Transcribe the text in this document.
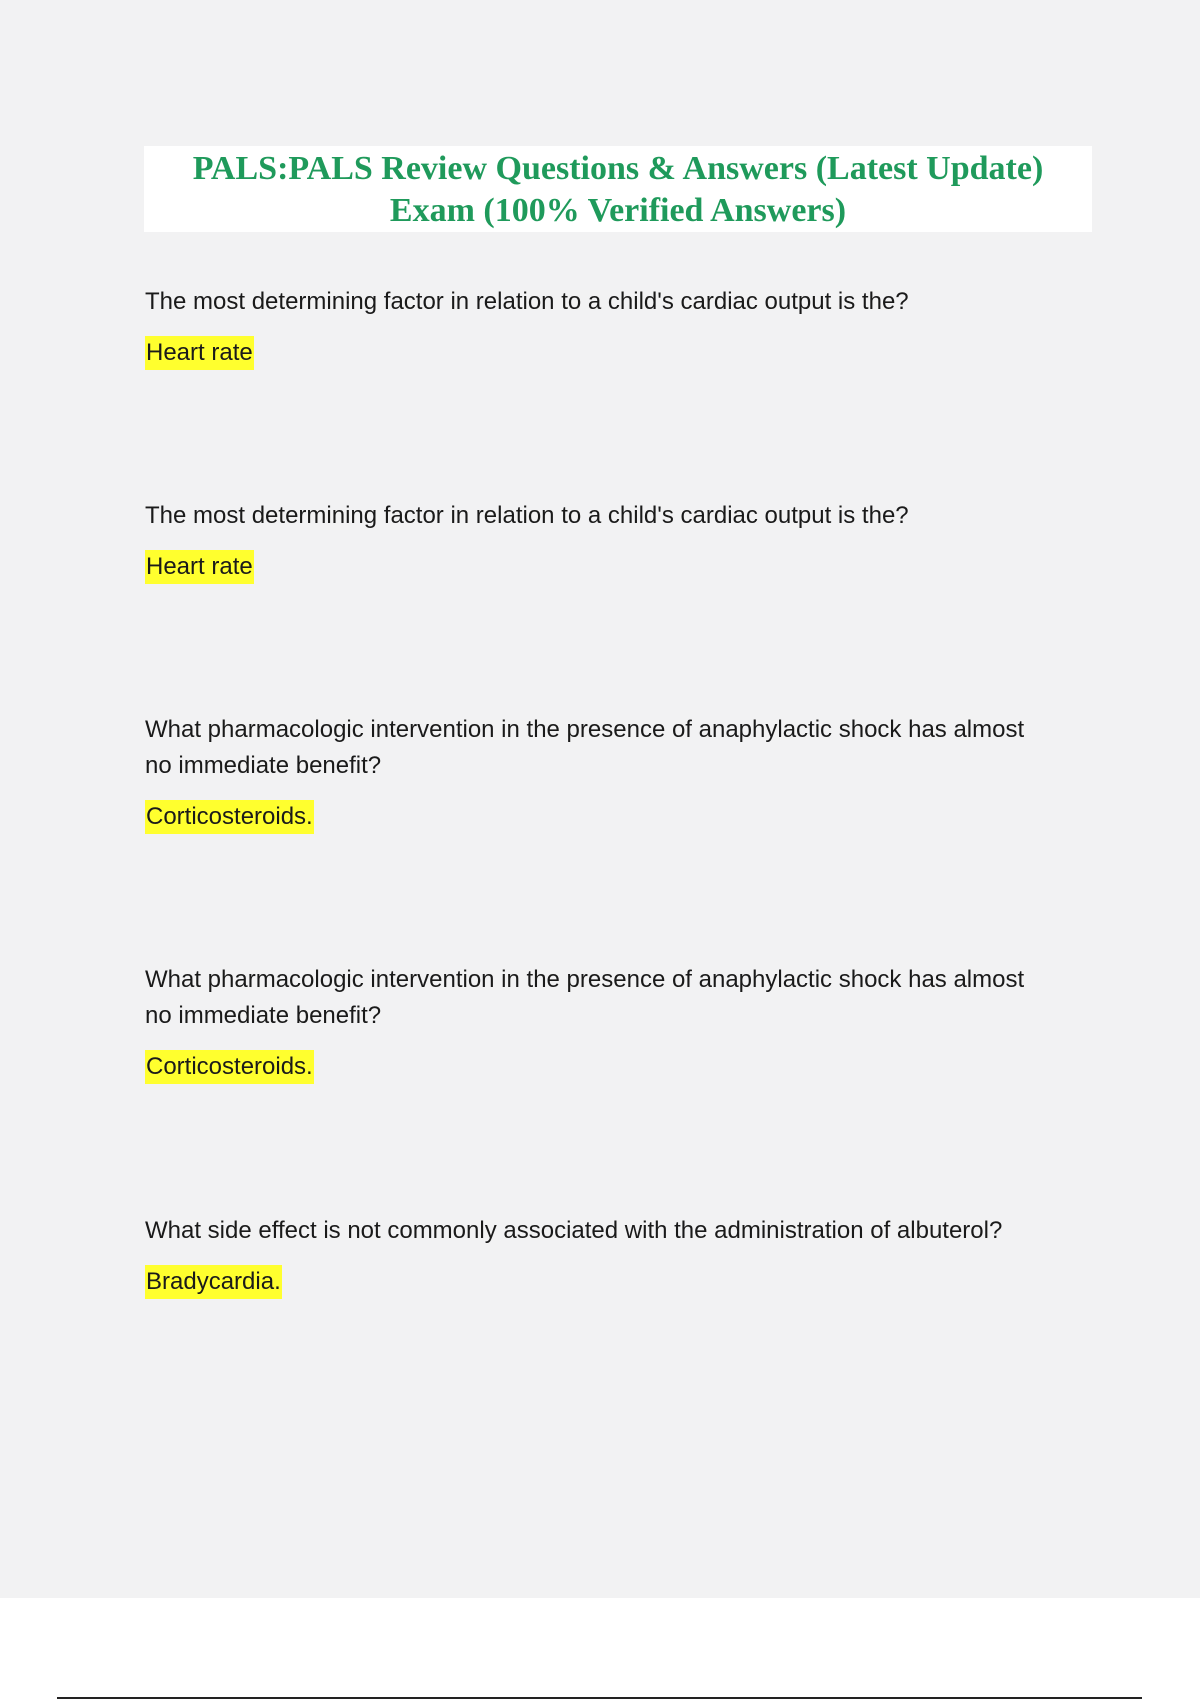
PALS:PALS Review Questions & Answers (Latest Update)
Exam (100% Verified Answers)

The most determining factor in relation to a child's cardiac output is the?

Heart rate

The most determining factor in relation to a child's cardiac output is the?

Heart rate

What pharmacologic intervention in the presence of anaphylactic shock has almost no immediate benefit?

Corticosteroids.

What pharmacologic intervention in the presence of anaphylactic shock has almost no immediate benefit?

Corticosteroids.

What side effect is not commonly associated with the administration of albuterol?

Bradycardia.
